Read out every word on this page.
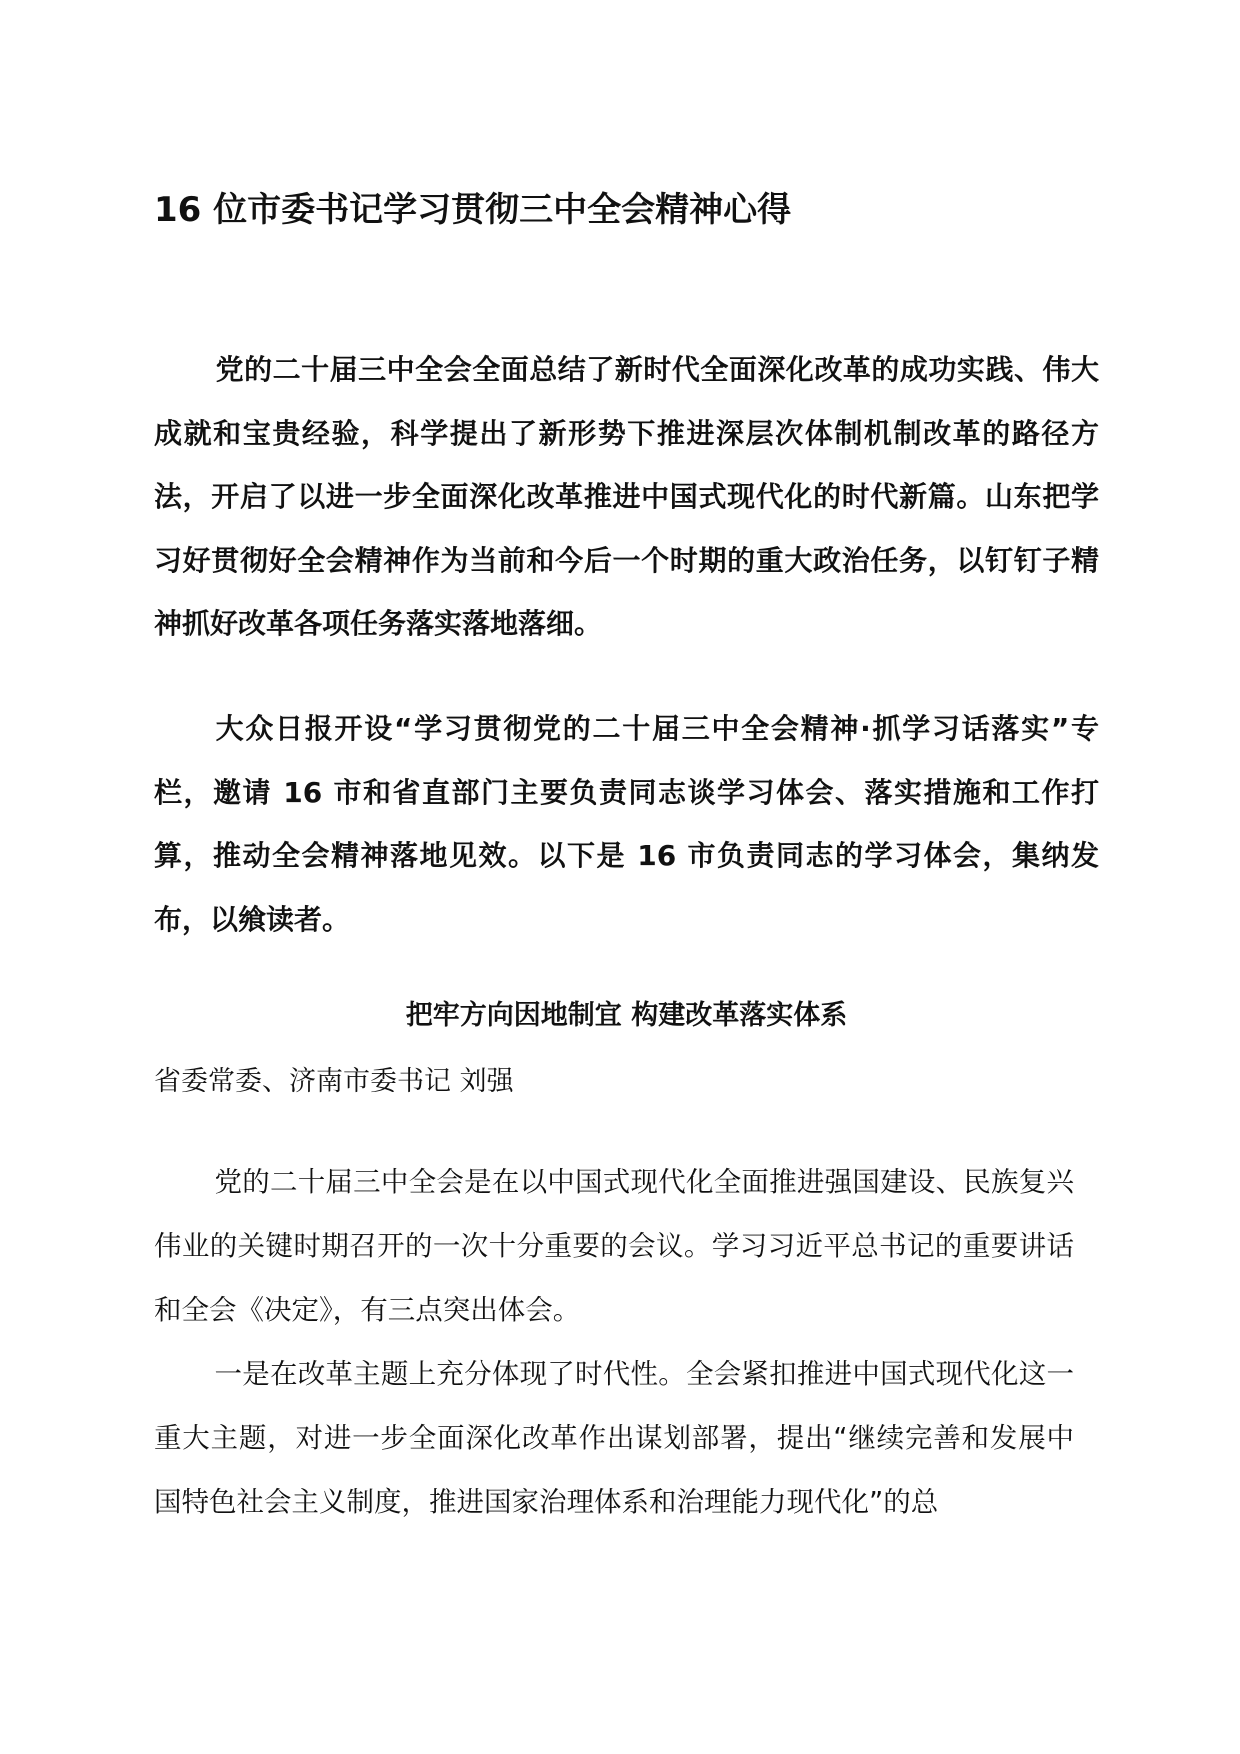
16 位市委书记学习贯彻三中全会精神心得

党的二十届三中全会全面总结了新时代全面深化改革的成功实践、伟大成就和宝贵经验，科学提出了新形势下推进深层次体制机制改革的路径方法，开启了以进一步全面深化改革推进中国式现代化的时代新篇。山东把学习好贯彻好全会精神作为当前和今后一个时期的重大政治任务，以钉钉子精神抓好改革各项任务落实落地落细。

大众日报开设“学习贯彻党的二十届三中全会精神·抓学习话落实”专栏，邀请 16 市和省直部门主要负责同志谈学习体会、落实措施和工作打算，推动全会精神落地见效。以下是 16 市负责同志的学习体会，集纳发布，以飨读者。

把牢方向因地制宜 构建改革落实体系

省委常委、济南市委书记 刘强

党的二十届三中全会是在以中国式现代化全面推进强国建设、民族复兴伟业的关键时期召开的一次十分重要的会议。学习习近平总书记的重要讲话和全会《决定》，有三点突出体会。

一是在改革主题上充分体现了时代性。全会紧扣推进中国式现代化这一重大主题，对进一步全面深化改革作出谋划部署，提出“继续完善和发展中国特色社会主义制度，推进国家治理体系和治理能力现代化”的总
